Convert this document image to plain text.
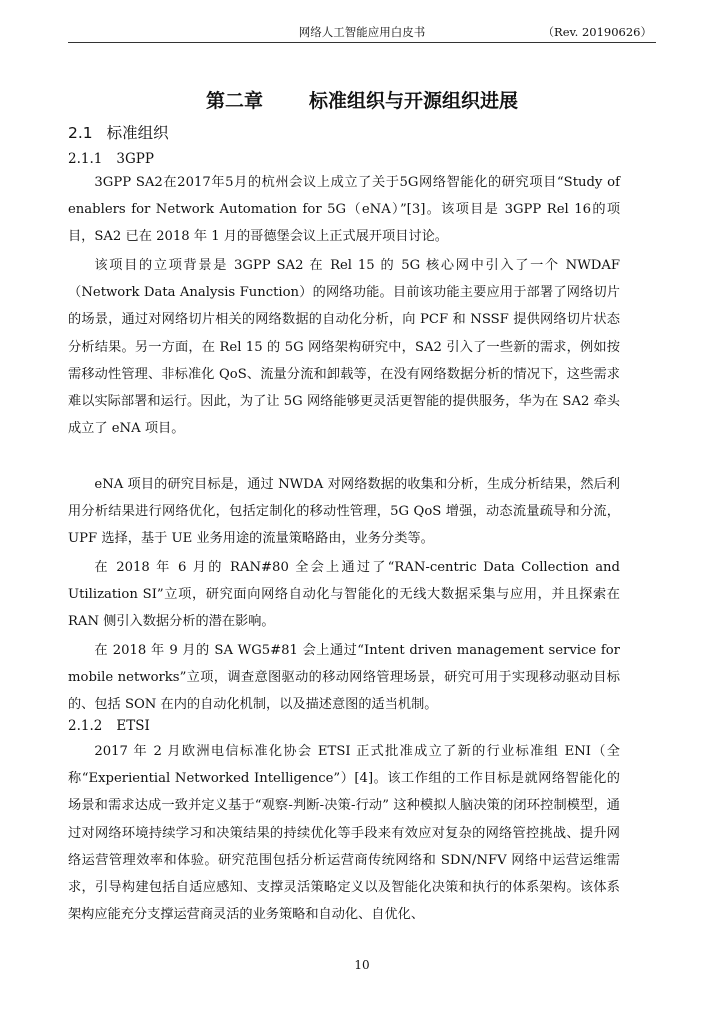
网络人工智能应用白皮书	（Rev. 20190626）
第二章 标准组织与开源组织进展
2.1 标准组织
2.1.1 3GPP

3GPP SA2在2017年5月的杭州会议上成立了关于5G网络智能化的研究项目“Study of enablers for Network Automation for 5G（eNA）”[3]。该项目是 3GPP Rel 16的项目，SA2 已在 2018 年 1 月的哥德堡会议上正式展开项目讨论。

该项目的立项背景是 3GPP SA2 在 Rel 15 的 5G 核心网中引入了一个 NWDAF（Network Data Analysis Function）的网络功能。目前该功能主要应用于部署了网络切片的场景，通过对网络切片相关的网络数据的自动化分析，向 PCF 和 NSSF 提供网络切片状态分析结果。另一方面，在 Rel 15 的 5G 网络架构研究中，SA2 引入了一些新的需求，例如按需移动性管理、非标准化 QoS、流量分流和卸载等，在没有网络数据分析的情况下，这些需求难以实际部署和运行。因此，为了让 5G 网络能够更灵活更智能的提供服务，华为在 SA2 牵头成立了 eNA 项目。

eNA 项目的研究目标是，通过 NWDA 对网络数据的收集和分析，生成分析结果，然后利用分析结果进行网络优化，包括定制化的移动性管理，5G QoS 增强，动态流量疏导和分流，UPF 选择，基于 UE 业务用途的流量策略路由，业务分类等。

在 2018 年 6 月的 RAN#80 全会上通过了“RAN-centric Data Collection and Utilization SI”立项，研究面向网络自动化与智能化的无线大数据采集与应用，并且探索在 RAN 侧引入数据分析的潜在影响。

在 2018 年 9 月的 SA WG5#81 会上通过“Intent driven management service for mobile networks”立项，调查意图驱动的移动网络管理场景，研究可用于实现移动驱动目标的、包括 SON 在内的自动化机制，以及描述意图的适当机制。

2.1.2 ETSI

2017 年 2 月欧洲电信标准化协会 ETSI 正式批准成立了新的行业标准组 ENI（全称“Experiential Networked Intelligence”）[4]。该工作组的工作目标是就网络智能化的场景和需求达成一致并定义基于“观察-判断-决策-行动” 这种模拟人脑决策的闭环控制模型，通过对网络环境持续学习和决策结果的持续优化等手段来有效应对复杂的网络管控挑战、提升网络运营管理效率和体验。研究范围包括分析运营商传统网络和 SDN/NFV 网络中运营运维需求，引导构建包括自适应感知、支撑灵活策略定义以及智能化决策和执行的体系架构。该体系架构应能充分支撑运营商灵活的业务策略和自动化、自优化、

10
